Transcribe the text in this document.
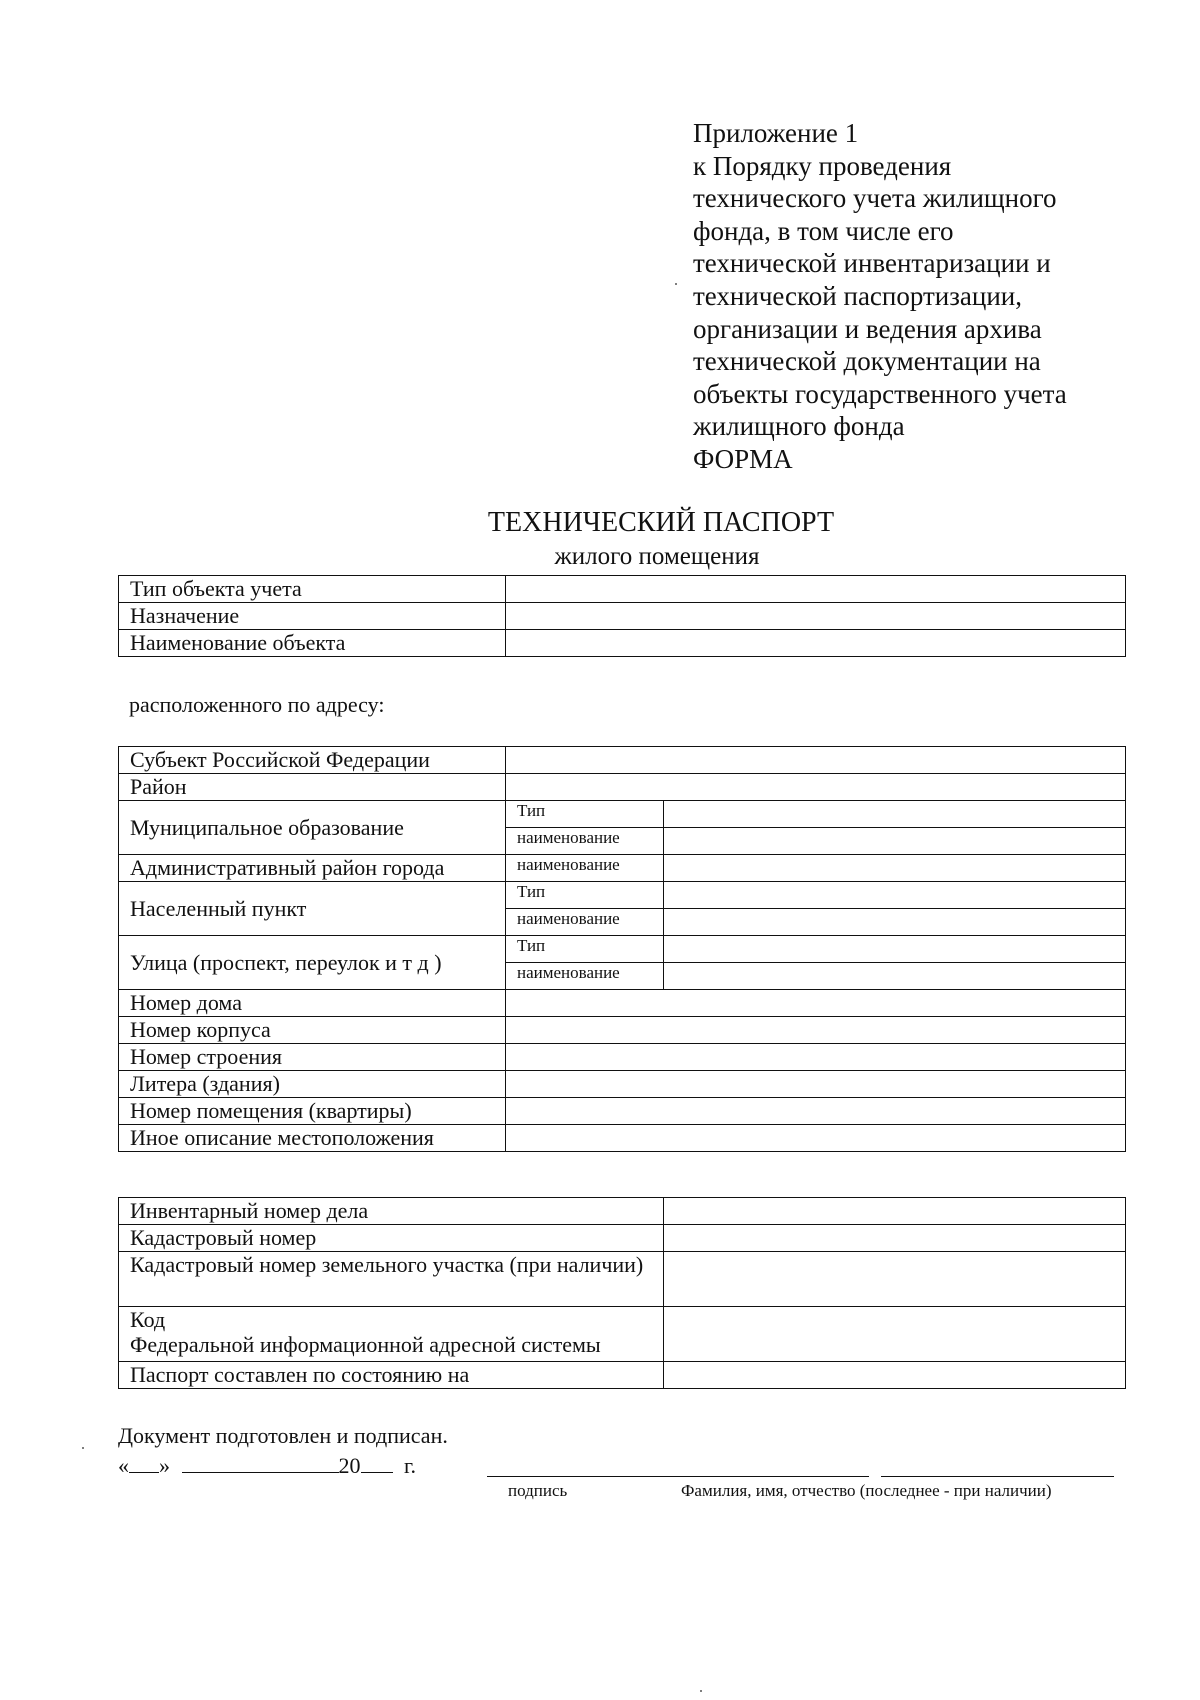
Приложение 1
к Порядку проведения
технического учета жилищного
фонда, в том числе его
технической инвентаризации и
технической паспортизации,
организации и ведения архива
технической документации на
объекты государственного учета
жилищного фонда
ФОРМА
ТЕХНИЧЕСКИЙ ПАСПОРТ
жилого помещения
Тип объекта учета	
Назначение	
Наименование объекта	
расположенного по адресу:
Субъект Российской Федерации		
Район		
Муниципальное образование	Тип	
	наименование	
Административный район города	наименование	
Населенный пункт	Тип	
	наименование	
Улица (проспект, переулок и т д )	Тип	
	наименование	
Номер дома		
Номер корпуса		
Номер строения		
Литера (здания)		
Номер помещения (квартиры)		
Иное описание местоположения		
Инвентарный номер дела	
Кадастровый номер	
Кадастровый номер земельного участка (при наличии)	

Код
Федеральной информационной адресной системы	

Паспорт составлен по состоянию на	
Документ подготовлен и подписан.
« »	20 г.
подпись	Фамилия, имя, отчество (последнее - при наличии)
